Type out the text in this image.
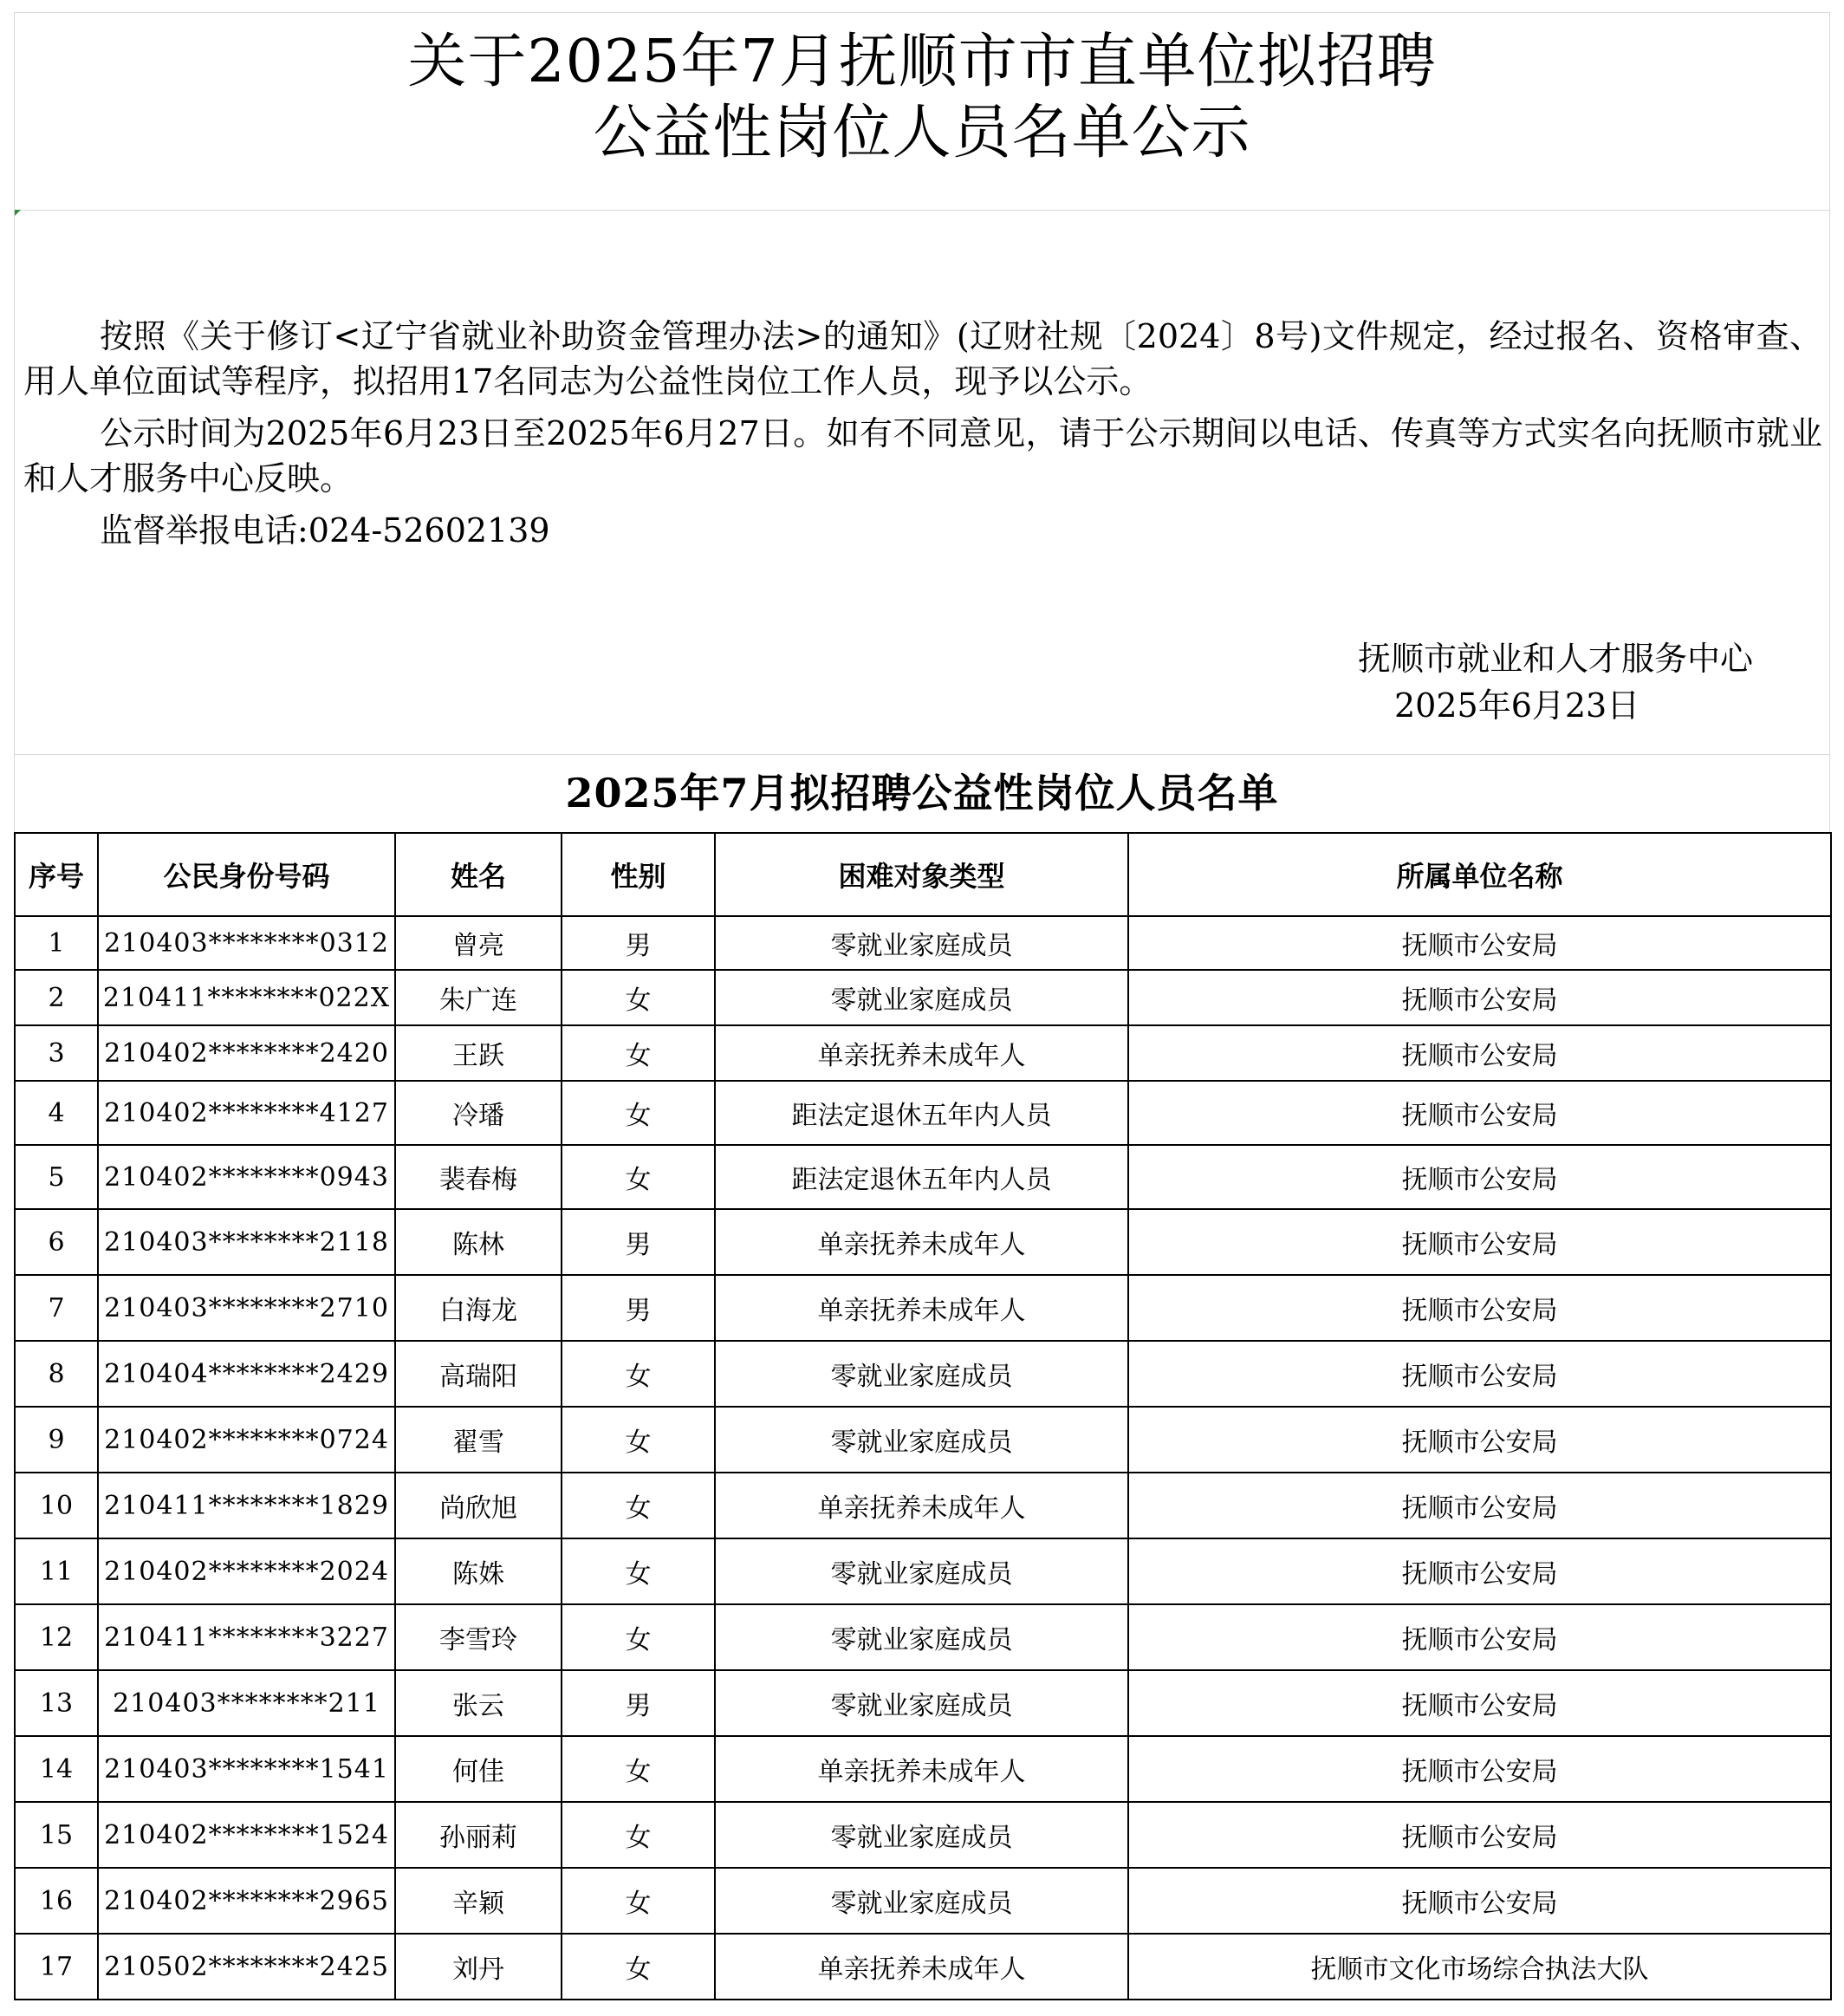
关于2025年7月抚顺市市直单位拟招聘
公益性岗位人员名单公示
按照《关于修订<辽宁省就业补助资金管理办法>的通知》(辽财社规〔2024〕8号)文件规定，经过报名、资格审查、用人单位面试等程序，拟招用17名同志为公益性岗位工作人员，现予以公示。
公示时间为2025年6月23日至2025年6月27日。如有不同意见，请于公示期间以电话、传真等方式实名向抚顺市就业和人才服务中心反映。
监督举报电话:024-52602139
抚顺市就业和人才服务中心
2025年6月23日
2025年7月拟招聘公益性岗位人员名单
序号	公民身份号码	姓名	性别	困难对象类型	所属单位名称
1	210403********0312	曾亮	男	零就业家庭成员	抚顺市公安局
2	210411********022X	朱广连	女	零就业家庭成员	抚顺市公安局
3	210402********2420	王跃	女	单亲抚养未成年人	抚顺市公安局
4	210402********4127	冷璠	女	距法定退休五年内人员	抚顺市公安局
5	210402********0943	裴春梅	女	距法定退休五年内人员	抚顺市公安局
6	210403********2118	陈林	男	单亲抚养未成年人	抚顺市公安局
7	210403********2710	白海龙	男	单亲抚养未成年人	抚顺市公安局
8	210404********2429	高瑞阳	女	零就业家庭成员	抚顺市公安局
9	210402********0724	翟雪	女	零就业家庭成员	抚顺市公安局
10	210411********1829	尚欣旭	女	单亲抚养未成年人	抚顺市公安局
11	210402********2024	陈姝	女	零就业家庭成员	抚顺市公安局
12	210411********3227	李雪玲	女	零就业家庭成员	抚顺市公安局
13	210403********211	张云	男	零就业家庭成员	抚顺市公安局
14	210403********1541	何佳	女	单亲抚养未成年人	抚顺市公安局
15	210402********1524	孙丽莉	女	零就业家庭成员	抚顺市公安局
16	210402********2965	辛颖	女	零就业家庭成员	抚顺市公安局
17	210502********2425	刘丹	女	单亲抚养未成年人	抚顺市文化市场综合执法大队
